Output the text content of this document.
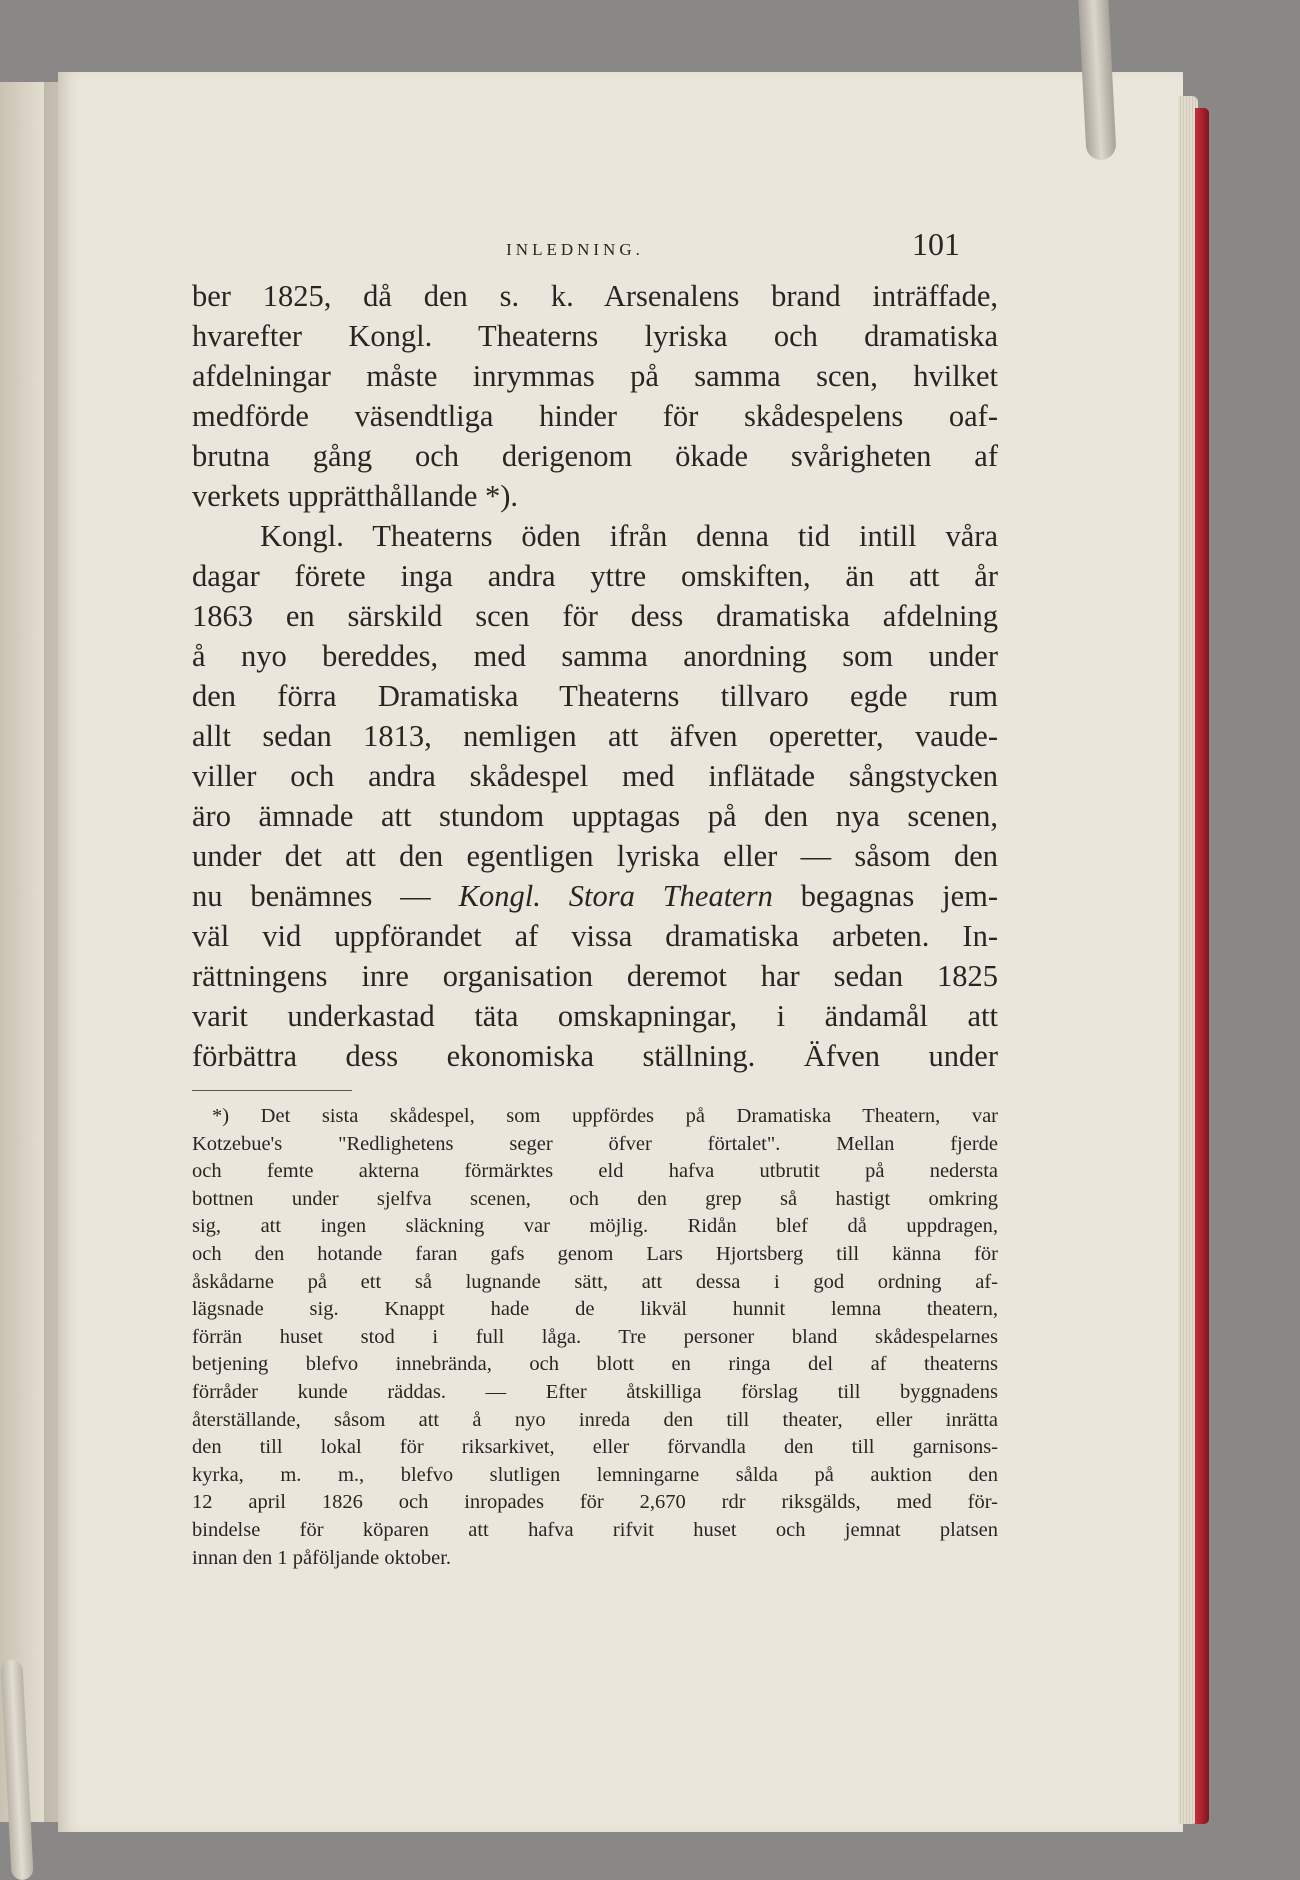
INLEDNING.	101
ber 1825, då den s. k. Arsenalens brand inträffade,
hvarefter Kongl. Theaterns lyriska och dramatiska
afdelningar måste inrymmas på samma scen, hvilket
medförde väsendtliga hinder för skådespelens oaf-
brutna gång och derigenom ökade svårigheten af
verkets upprätthållande *).
Kongl. Theaterns öden ifrån denna tid intill våra
dagar förete inga andra yttre omskiften, än att år
1863 en särskild scen för dess dramatiska afdelning
å nyo bereddes, med samma anordning som under
den förra Dramatiska Theaterns tillvaro egde rum
allt sedan 1813, nemligen att äfven operetter, vaude-
viller och andra skådespel med inflätade sångstycken
äro ämnade att stundom upptagas på den nya scenen,
under det att den egentligen lyriska eller — såsom den
nu benämnes — Kongl. Stora Theatern begagnas jem-
väl vid uppförandet af vissa dramatiska arbeten. In-
rättningens inre organisation deremot har sedan 1825
varit underkastad täta omskapningar, i ändamål att
förbättra dess ekonomiska ställning. Äfven under
*) Det sista skådespel, som uppfördes på Dramatiska Theatern, var
Kotzebue's "Redlighetens seger öfver förtalet". Mellan fjerde
och femte akterna förmärktes eld hafva utbrutit på nedersta
bottnen under sjelfva scenen, och den grep så hastigt omkring
sig, att ingen släckning var möjlig. Ridån blef då uppdragen,
och den hotande faran gafs genom Lars Hjortsberg till känna för
åskådarne på ett så lugnande sätt, att dessa i god ordning af-
lägsnade sig. Knappt hade de likväl hunnit lemna theatern,
förrän huset stod i full låga. Tre personer bland skådespelarnes
betjening blefvo innebrända, och blott en ringa del af theaterns
förråder kunde räddas. — Efter åtskilliga förslag till byggnadens
återställande, såsom att å nyo inreda den till theater, eller inrätta
den till lokal för riksarkivet, eller förvandla den till garnisons-
kyrka, m. m., blefvo slutligen lemningarne sålda på auktion den
12 april 1826 och inropades för 2,670 rdr riksgälds, med för-
bindelse för köparen att hafva rifvit huset och jemnat platsen
innan den 1 påföljande oktober.
